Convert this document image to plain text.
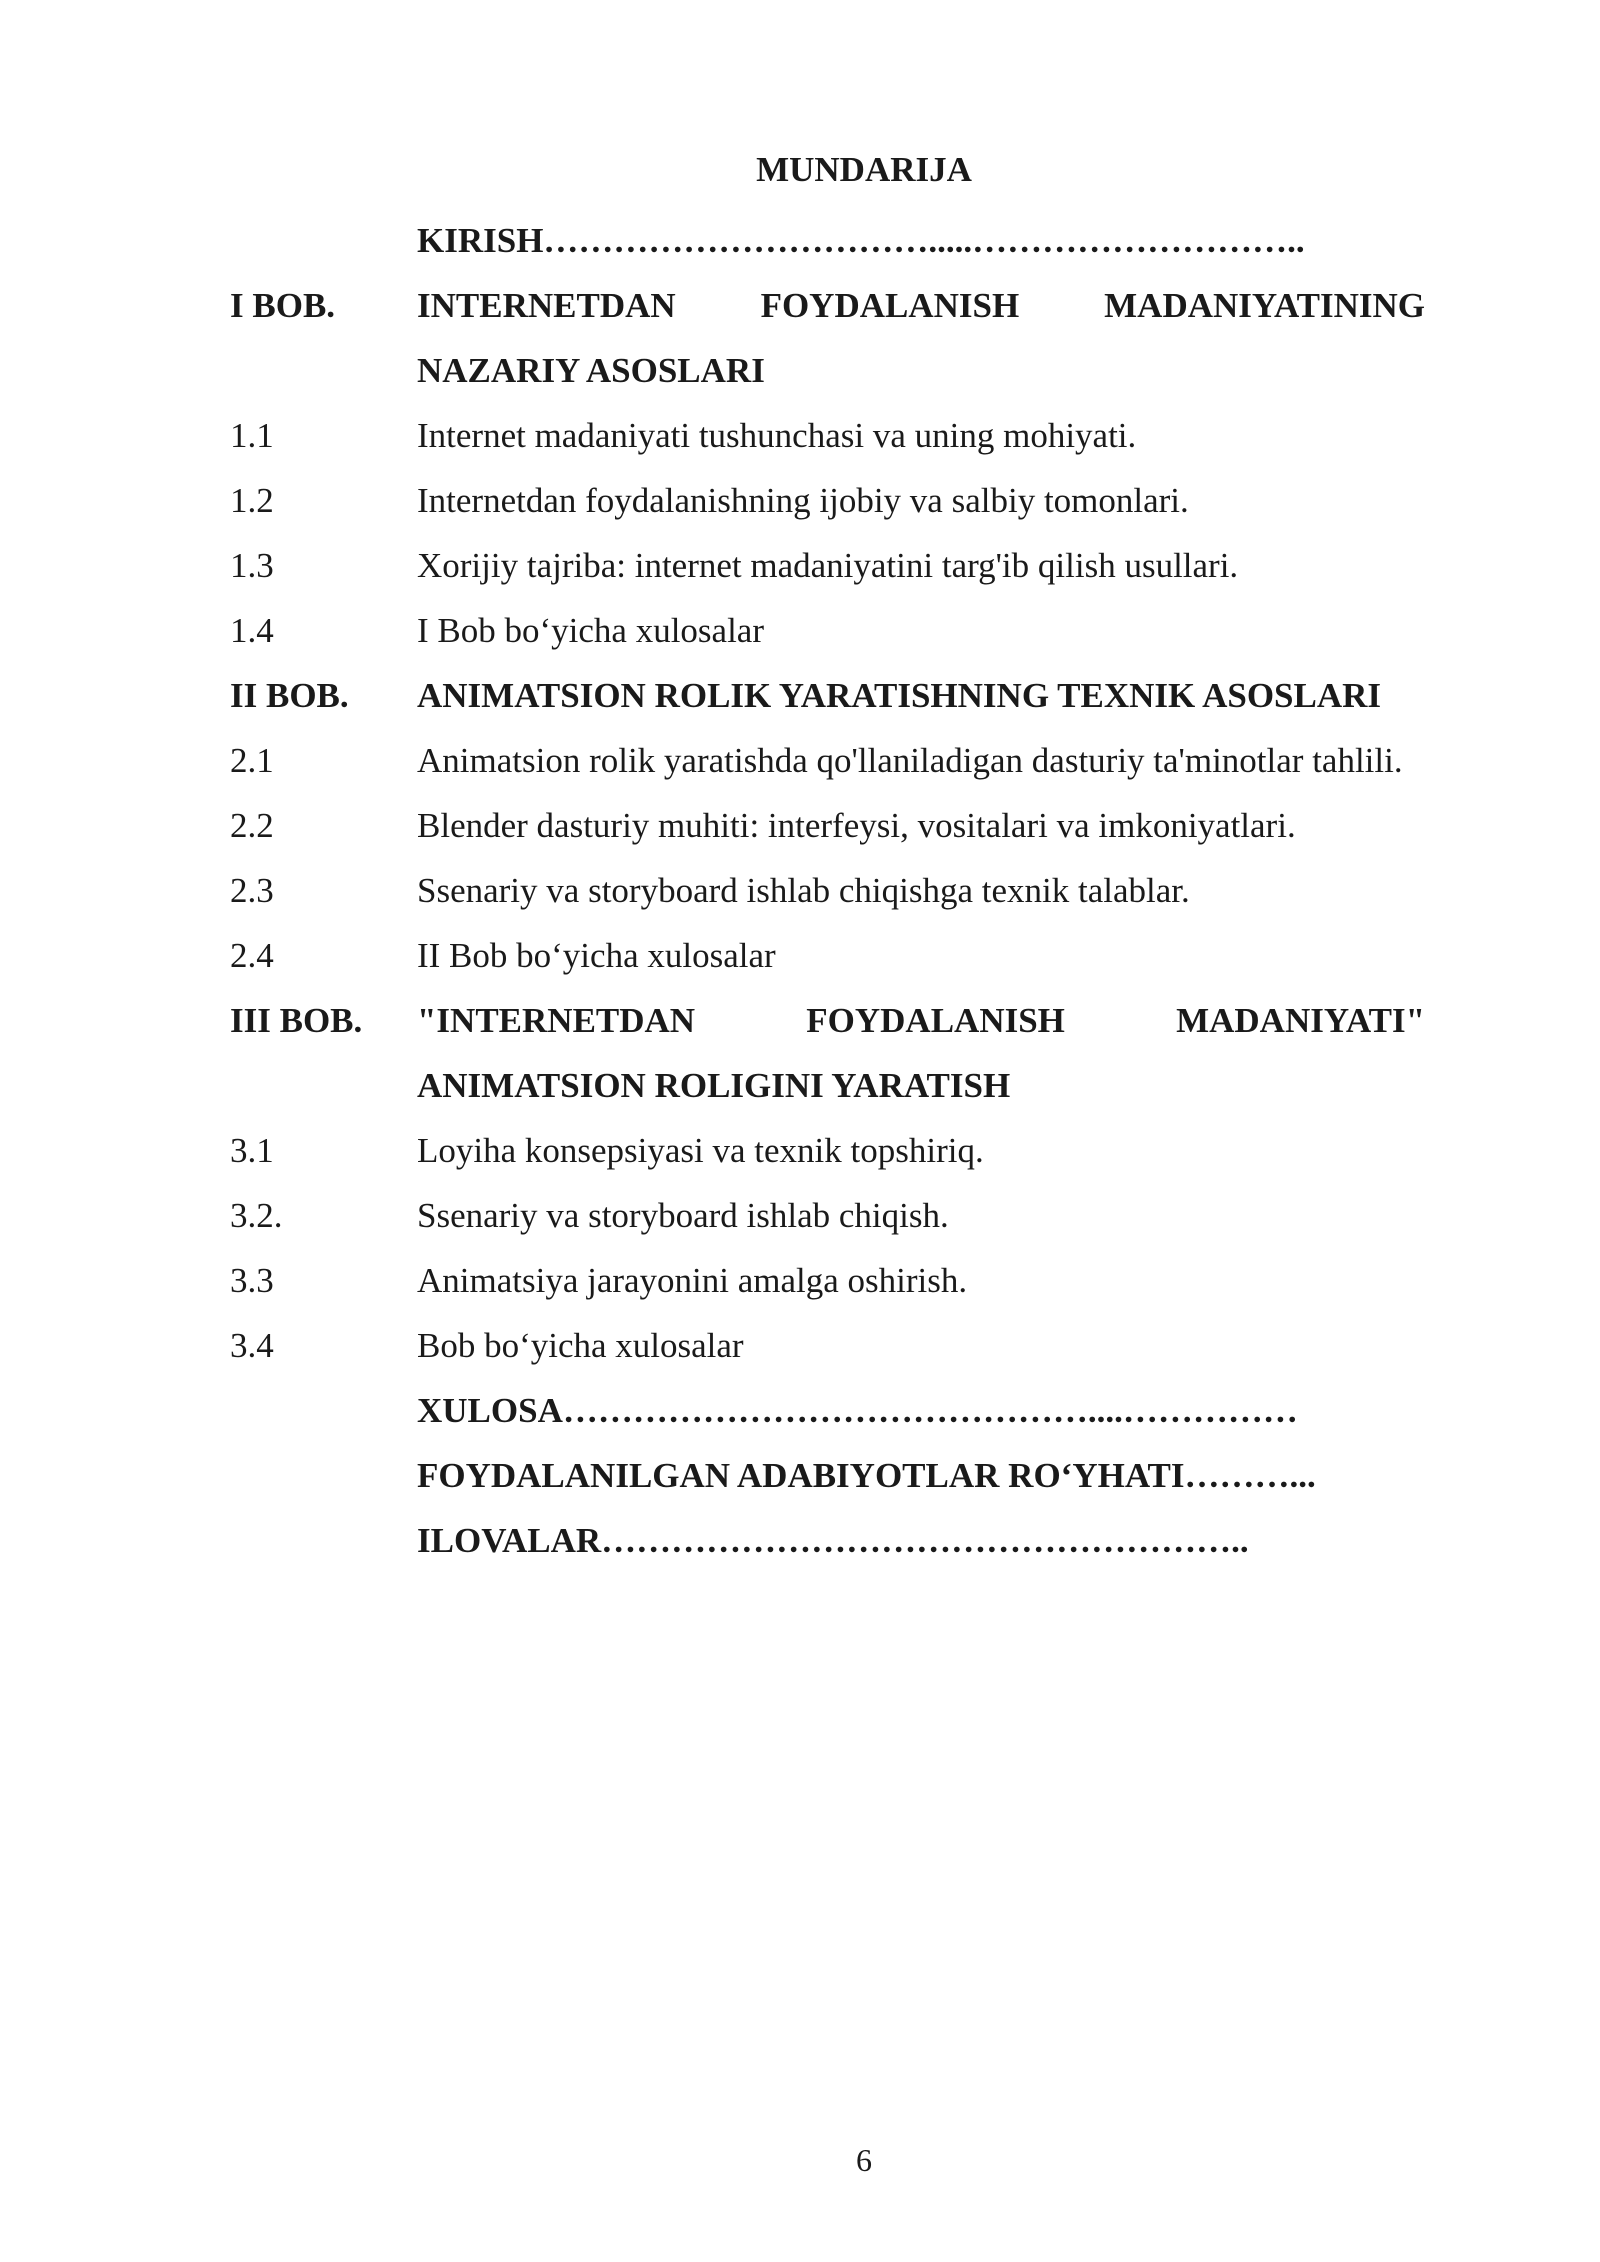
MUNDARIJA
KIRISH…………………………….....………………………..
I BOB.	INTERNETDAN FOYDALANISH MADANIYATINING NAZARIY ASOSLARI
1.1	Internet madaniyati tushunchasi va uning mohiyati.
1.2	Internetdan foydalanishning ijobiy va salbiy tomonlari.
1.3	Xorijiy tajriba: internet madaniyatini targ'ib qilish usullari.
1.4	I Bob bo‘yicha xulosalar
II BOB.	ANIMATSION ROLIK YARATISHNING TEXNIK ASOSLARI
2.1	Animatsion rolik yaratishda qo'llaniladigan dasturiy ta'minotlar tahlili.
2.2	Blender dasturiy muhiti: interfeysi, vositalari va imkoniyatlari.
2.3	Ssenariy va storyboard ishlab chiqishga texnik talablar.
2.4	II Bob bo‘yicha xulosalar
III BOB.	"INTERNETDAN FOYDALANISH MADANIYATI" ANIMATSION ROLIGINI YARATISH
3.1	Loyiha konsepsiyasi va texnik topshiriq.
3.2.	Ssenariy va storyboard ishlab chiqish.
3.3	Animatsiya jarayonini amalga oshirish.
3.4	Bob bo‘yicha xulosalar
XULOSA………………………………………....……………
FOYDALANILGAN ADABIYOTLAR RO‘YHATI………...
ILOVALAR………………………………………………..
6
